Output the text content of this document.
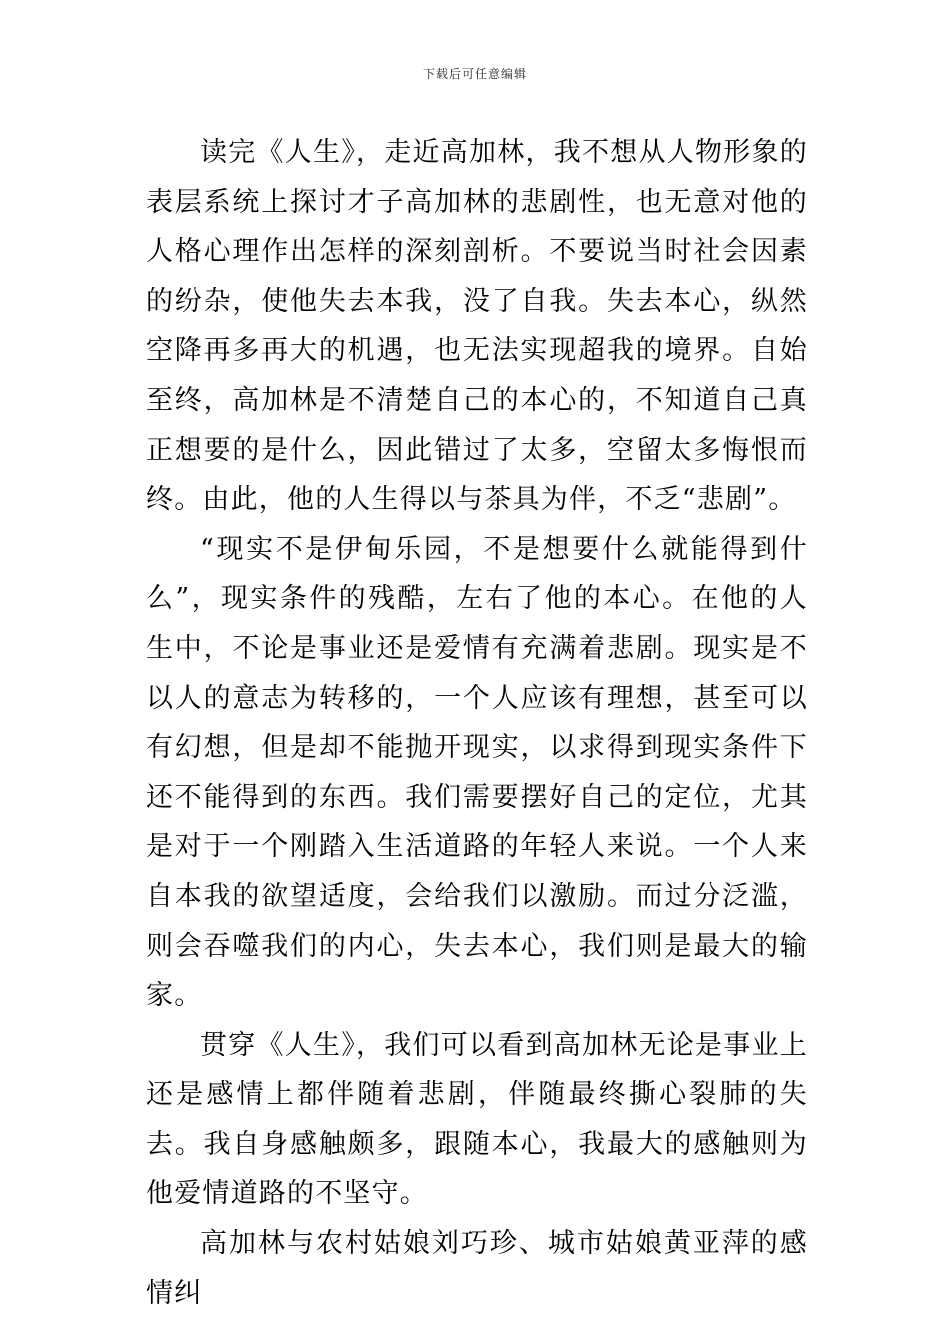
下载后可任意编辑

读完《人生》，走近高加林，我不想从人物形象的表层系统上探讨才子高加林的悲剧性，也无意对他的人格心理作出怎样的深刻剖析。不要说当时社会因素的纷杂，使他失去本我，没了自我。失去本心，纵然空降再多再大的机遇，也无法实现超我的境界。自始至终，高加林是不清楚自己的本心的，不知道自己真正想要的是什么，因此错过了太多，空留太多悔恨而终。由此，他的人生得以与茶具为伴，不乏“悲剧”。

“现实不是伊甸乐园，不是想要什么就能得到什么”，现实条件的残酷，左右了他的本心。在他的人生中，不论是事业还是爱情有充满着悲剧。现实是不以人的意志为转移的，一个人应该有理想，甚至可以有幻想，但是却不能抛开现实，以求得到现实条件下还不能得到的东西。我们需要摆好自己的定位，尤其是对于一个刚踏入生活道路的年轻人来说。一个人来自本我的欲望适度，会给我们以激励。而过分泛滥，则会吞噬我们的内心，失去本心，我们则是最大的输家。

贯穿《人生》，我们可以看到高加林无论是事业上还是感情上都伴随着悲剧，伴随最终撕心裂肺的失去。我自身感触颇多，跟随本心，我最大的感触则为他爱情道路的不坚守。

高加林与农村姑娘刘巧珍、城市姑娘黄亚萍的感情纠
